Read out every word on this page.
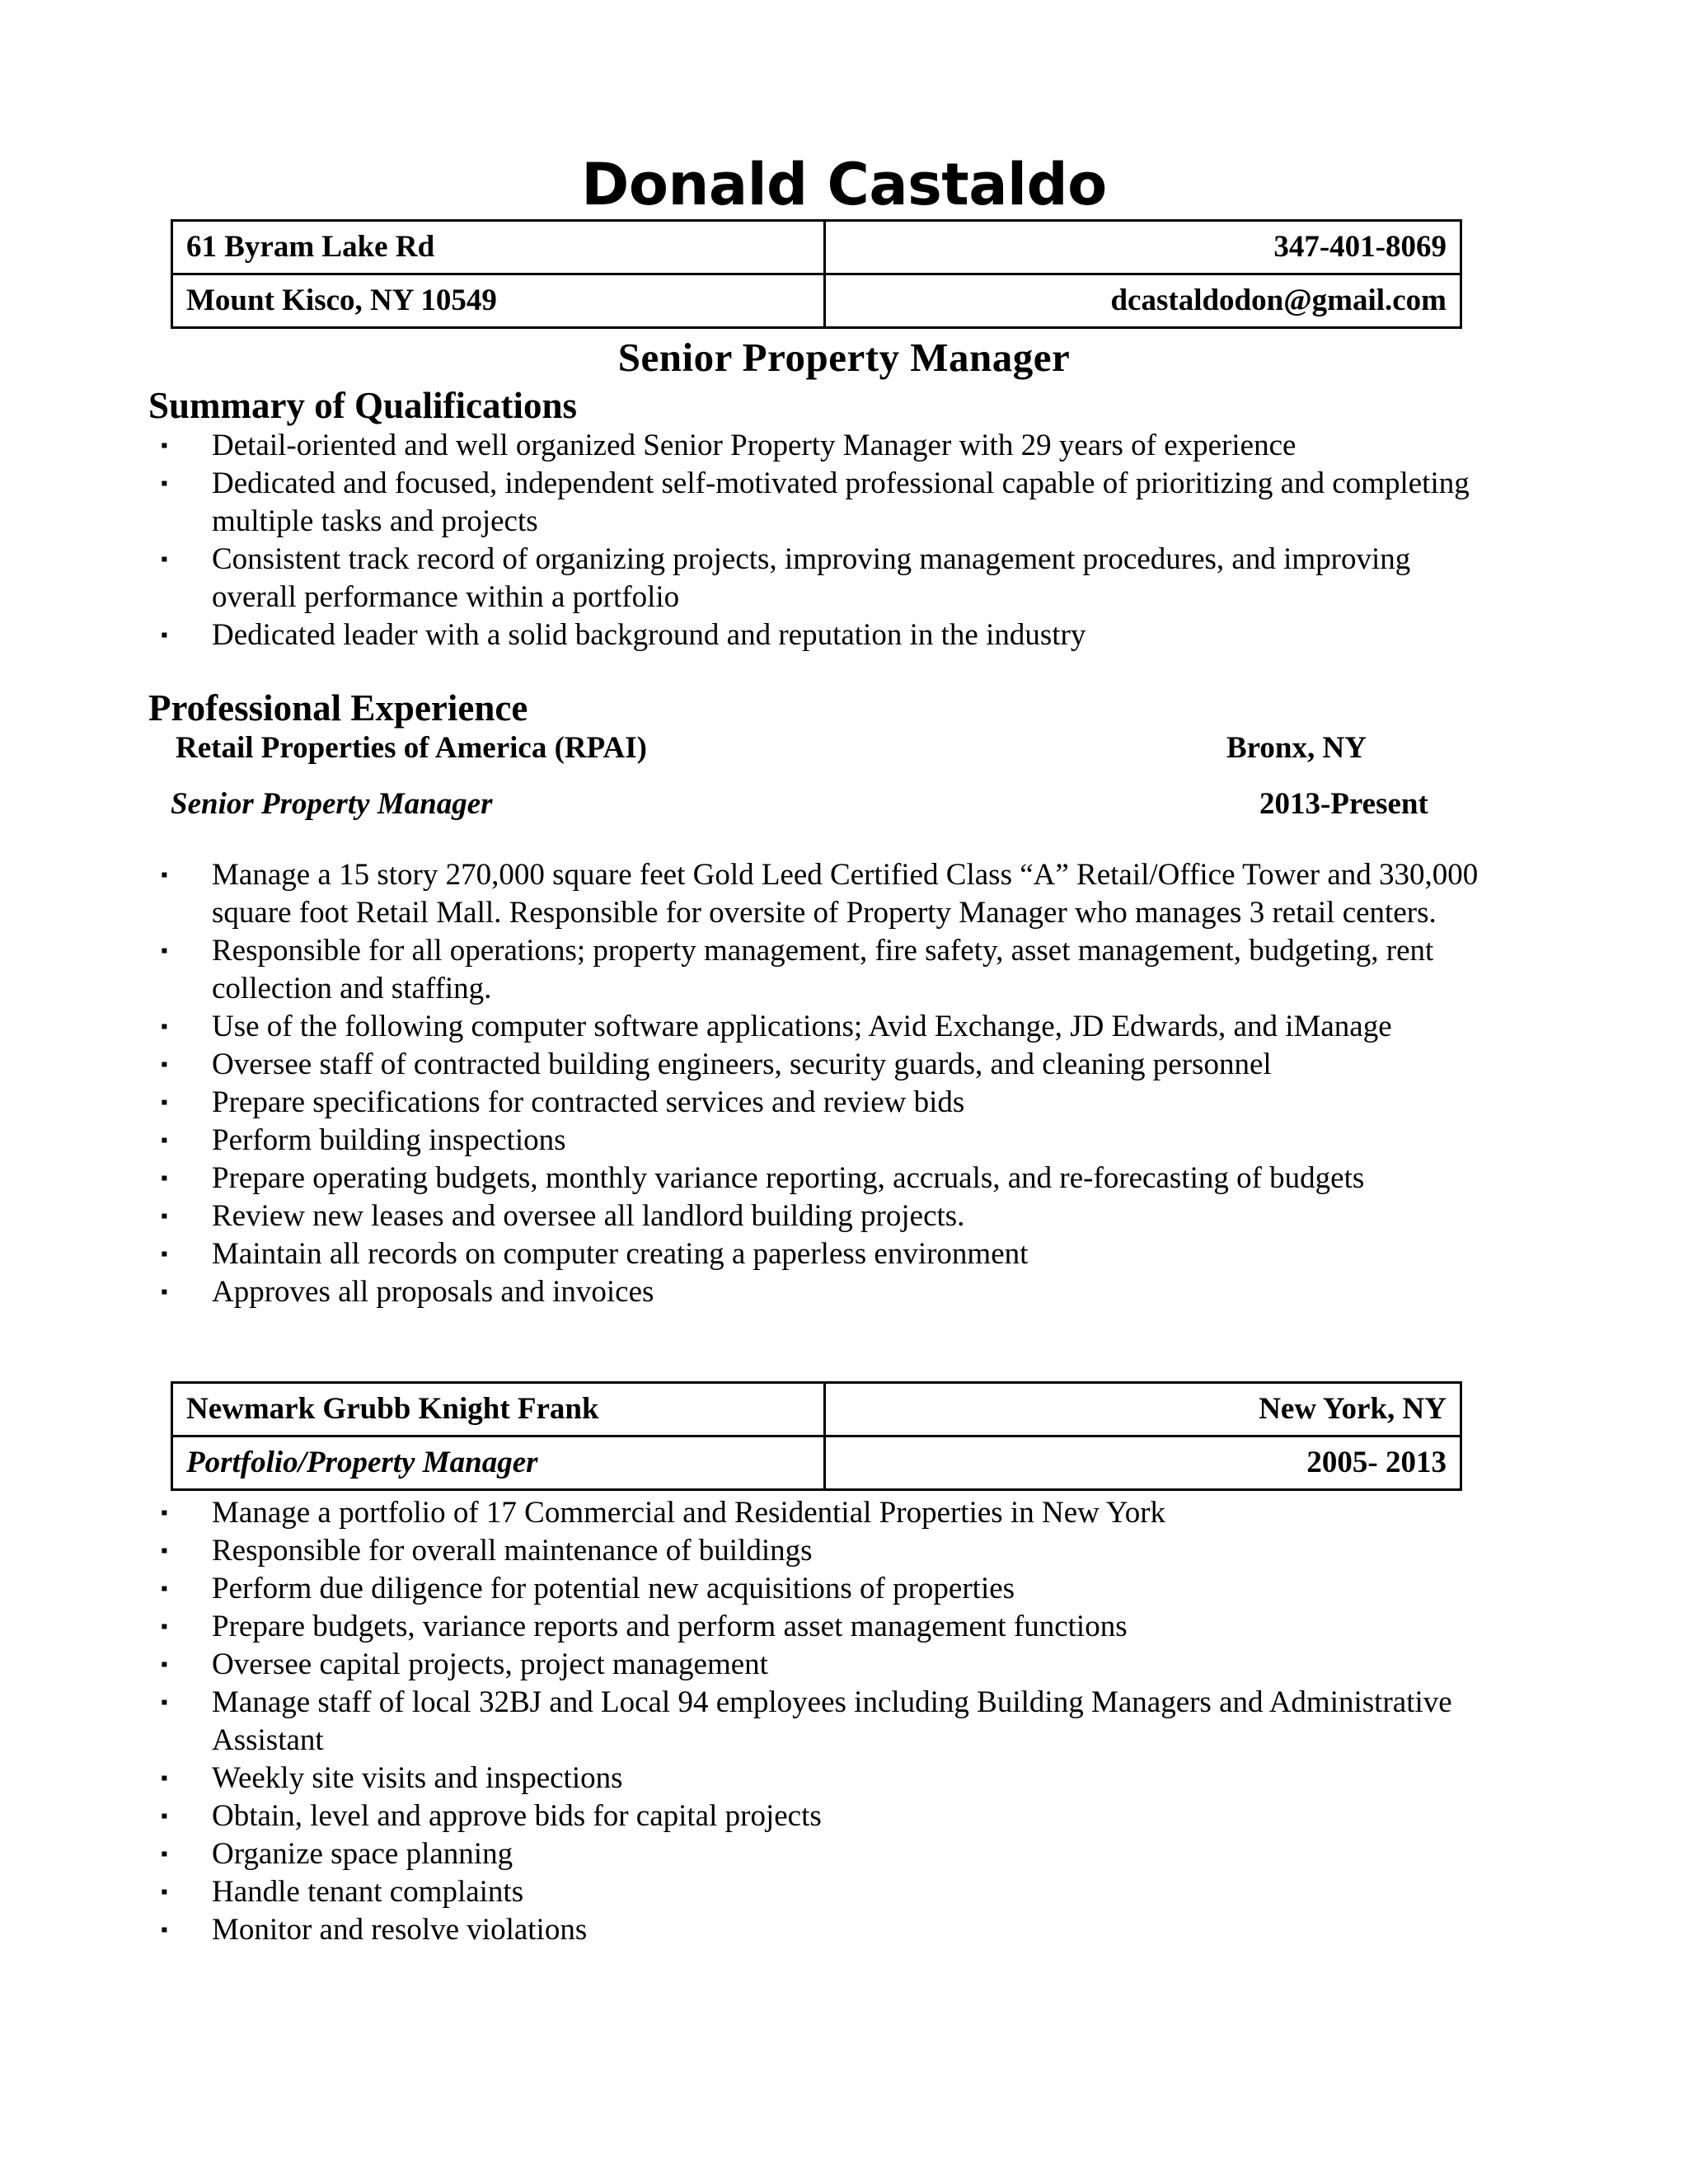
Donald Castaldo
61 Byram Lake Rd	347-401-8069
Mount Kisco, NY 10549	dcastaldodon@gmail.com
Senior Property Manager
Summary of Qualifications
▪ Detail-oriented and well organized Senior Property Manager with 29 years of experience
▪ Dedicated and focused, independent self-motivated professional capable of prioritizing and completing multiple tasks and projects
▪ Consistent track record of organizing projects, improving management procedures, and improving overall performance within a portfolio
▪ Dedicated leader with a solid background and reputation in the industry
Professional Experience

Retail Properties of America (RPAI)	Bronx, NY

Senior Property Manager	2013-Present

▪ Manage a 15 story 270,000 square feet Gold Leed Certified Class “A” Retail/Office Tower and 330,000 square foot Retail Mall. Responsible for oversite of Property Manager who manages 3 retail centers.
▪ Responsible for all operations; property management, fire safety, asset management, budgeting, rent collection and staffing.
▪ Use of the following computer software applications; Avid Exchange, JD Edwards, and iManage
▪ Oversee staff of contracted building engineers, security guards, and cleaning personnel
▪ Prepare specifications for contracted services and review bids
▪ Perform building inspections
▪ Prepare operating budgets, monthly variance reporting, accruals, and re-forecasting of budgets
▪ Review new leases and oversee all landlord building projects.
▪ Maintain all records on computer creating a paperless environment
▪ Approves all proposals and invoices
Newmark Grubb Knight Frank	New York, NY
Portfolio/Property Manager	2005- 2013
▪ Manage a portfolio of 17 Commercial and Residential Properties in New York
▪ Responsible for overall maintenance of buildings
▪ Perform due diligence for potential new acquisitions of properties
▪ Prepare budgets, variance reports and perform asset management functions
▪ Oversee capital projects, project management
▪ Manage staff of local 32BJ and Local 94 employees including Building Managers and Administrative Assistant
▪ Weekly site visits and inspections
▪ Obtain, level and approve bids for capital projects
▪ Organize space planning
▪ Handle tenant complaints
▪ Monitor and resolve violations
